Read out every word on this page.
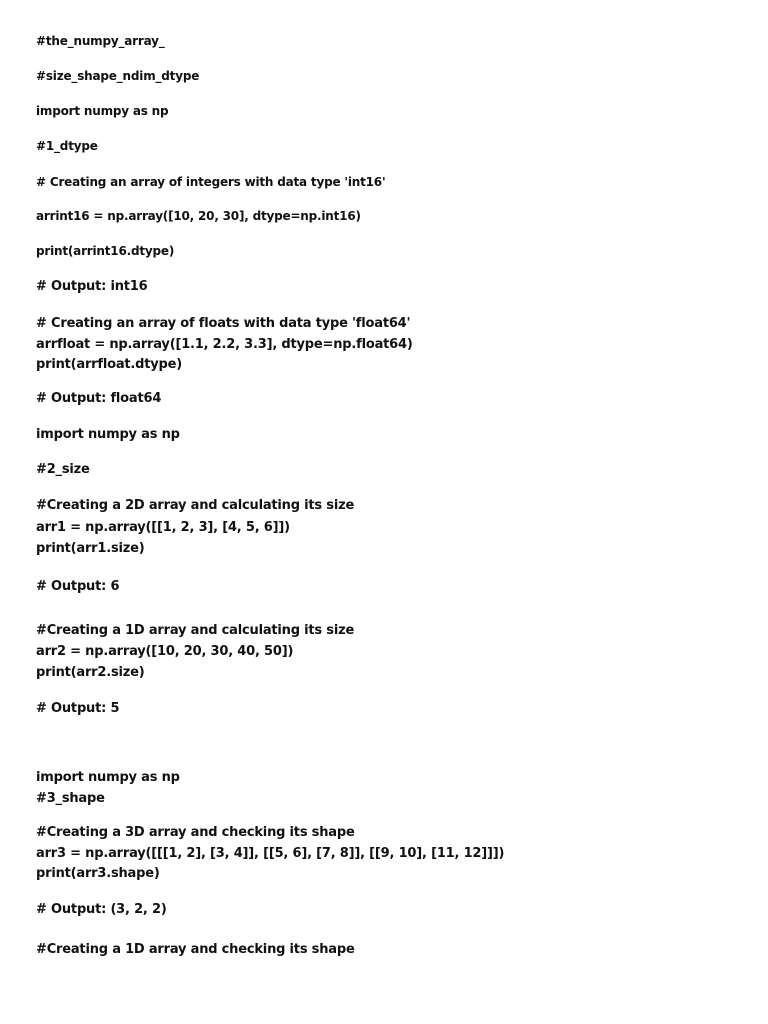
#the_numpy_array_
#size_shape_ndim_dtype
import numpy as np
#1_dtype
# Creating an array of integers with data type 'int16'
arrint16 = np.array([10, 20, 30], dtype=np.int16)
print(arrint16.dtype)
# Output: int16
# Creating an array of floats with data type 'float64'
arrfloat = np.array([1.1, 2.2, 3.3], dtype=np.float64)
print(arrfloat.dtype)
# Output: float64
import numpy as np
#2_size
#Creating a 2D array and calculating its size
arr1 = np.array([[1, 2, 3], [4, 5, 6]])
print(arr1.size)
# Output: 6
#Creating a 1D array and calculating its size
arr2 = np.array([10, 20, 30, 40, 50])
print(arr2.size)
# Output: 5
import numpy as np
#3_shape
#Creating a 3D array and checking its shape
arr3 = np.array([[[1, 2], [3, 4]], [[5, 6], [7, 8]], [[9, 10], [11, 12]]])
print(arr3.shape)
# Output: (3, 2, 2)
#Creating a 1D array and checking its shape
